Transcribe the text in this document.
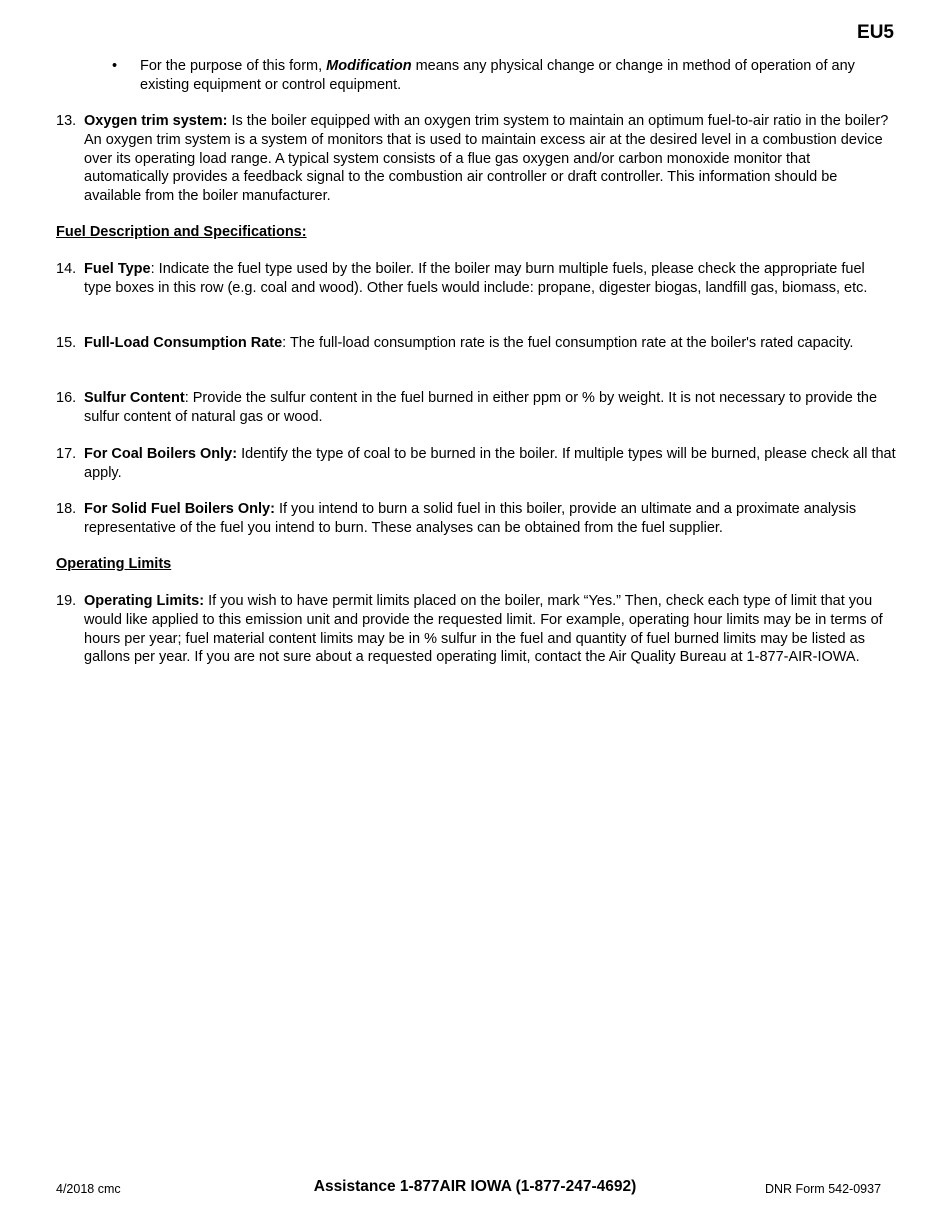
EU5
• For the purpose of this form, Modification means any physical change or change in method of operation of any existing equipment or control equipment.
13. Oxygen trim system: Is the boiler equipped with an oxygen trim system to maintain an optimum fuel-to-air ratio in the boiler? An oxygen trim system is a system of monitors that is used to maintain excess air at the desired level in a combustion device over its operating load range. A typical system consists of a flue gas oxygen and/or carbon monoxide monitor that automatically provides a feedback signal to the combustion air controller or draft controller. This information should be available from the boiler manufacturer.
Fuel Description and Specifications:
14. Fuel Type: Indicate the fuel type used by the boiler. If the boiler may burn multiple fuels, please check the appropriate fuel type boxes in this row (e.g. coal and wood). Other fuels would include: propane, digester biogas, landfill gas, biomass, etc.
15. Full-Load Consumption Rate: The full-load consumption rate is the fuel consumption rate at the boiler's rated capacity.
16. Sulfur Content: Provide the sulfur content in the fuel burned in either ppm or % by weight. It is not necessary to provide the sulfur content of natural gas or wood.
17. For Coal Boilers Only: Identify the type of coal to be burned in the boiler. If multiple types will be burned, please check all that apply.
18. For Solid Fuel Boilers Only: If you intend to burn a solid fuel in this boiler, provide an ultimate and a proximate analysis representative of the fuel you intend to burn. These analyses can be obtained from the fuel supplier.
Operating Limits
19. Operating Limits: If you wish to have permit limits placed on the boiler, mark “Yes.” Then, check each type of limit that you would like applied to this emission unit and provide the requested limit. For example, operating hour limits may be in terms of hours per year; fuel material content limits may be in % sulfur in the fuel and quantity of fuel burned limits may be listed as gallons per year. If you are not sure about a requested operating limit, contact the Air Quality Bureau at 1-877-AIR-IOWA.
4/2018 cmc	Assistance 1-877AIR IOWA (1-877-247-4692)	DNR Form 542-0937
